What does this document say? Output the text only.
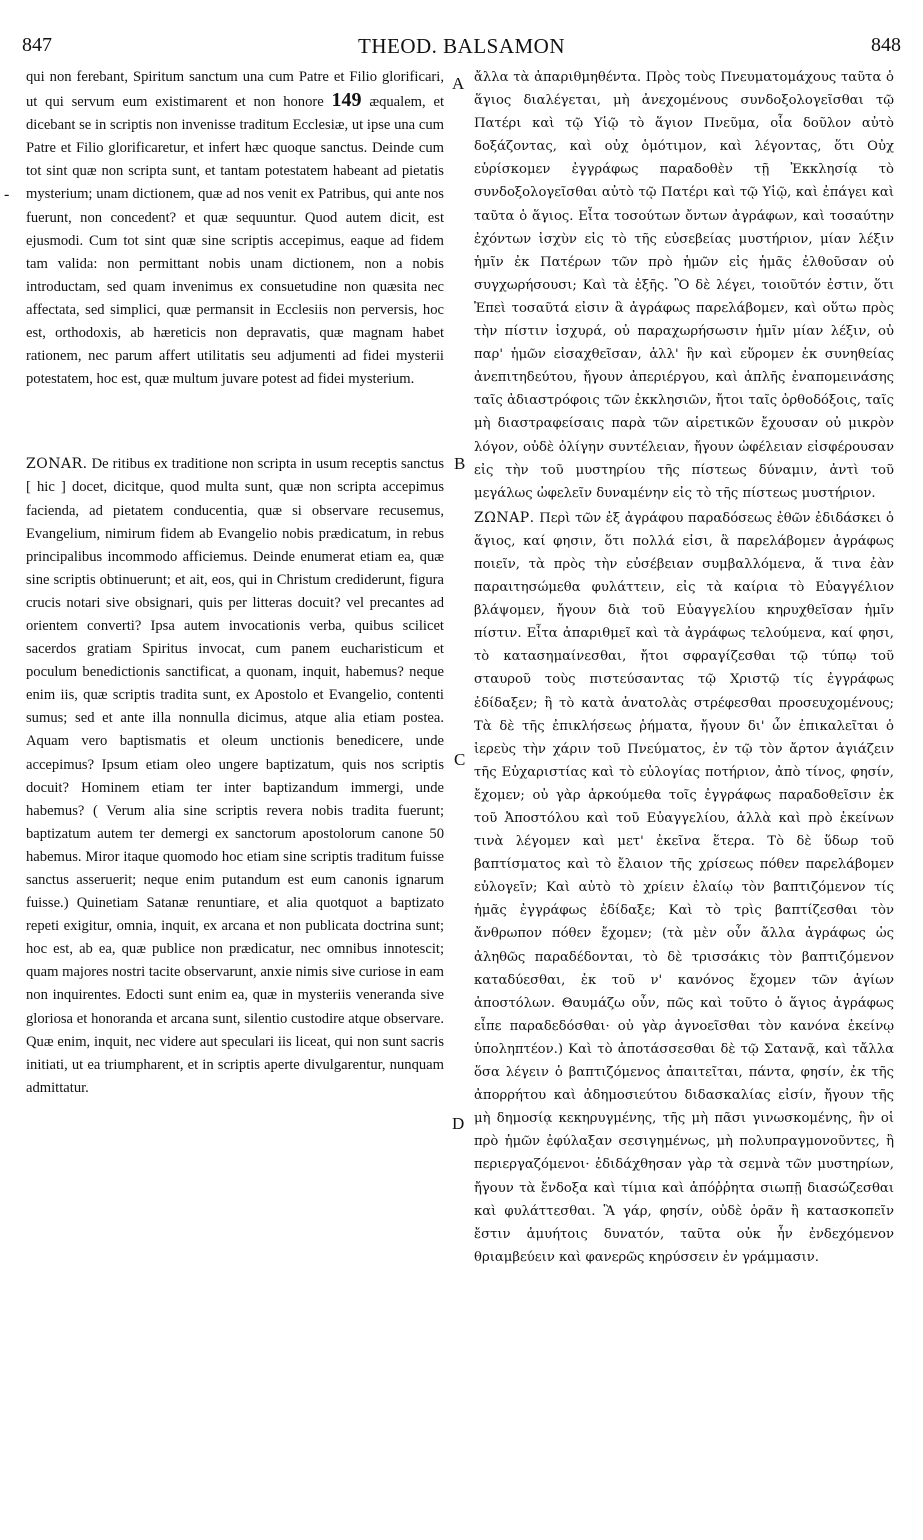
847	THEOD. BALSAMON	848
-
A
B
C
D

qui non ferebant, Spiritum sanctum una cum Patre et Filio glorificari, ut qui servum eum existimarent et non honore 149 æqualem, et dicebant se in scriptis non invenisse traditum Ecclesiæ, ut ipse una cum Patre et Filio glorificaretur, et infert hæc quoque sanctus. Deinde cum tot sint quæ non scripta sunt, et tantam potestatem habeant ad pietatis mysterium; unam dictionem, quæ ad nos venit ex Patribus, qui ante nos fuerunt, non concedent? et quæ sequuntur. Quod autem dicit, est ejusmodi. Cum tot sint quæ sine scriptis accepimus, eaque ad fidem tam valida: non permittant nobis unam dictionem, non a nobis introductam, sed quam invenimus ex consuetudine non quæsita nec affectata, sed simplici, quæ permansit in Ecclesiis non perversis, hoc est, orthodoxis, ab hæreticis non depravatis, quæ magnam habet rationem, nec parum affert utilitatis seu adjumenti ad fidei mysterii potestatem, hoc est, quæ multum juvare potest ad fidei mysterium.

ZONAR. De ritibus ex traditione non scripta in usum receptis sanctus [ hic ] docet, dicitque, quod multa sunt, quæ non scripta accepimus facienda, ad pietatem conducentia, quæ si observare recusemus, Evangelium, nimirum fidem ab Evangelio nobis prædicatum, in rebus principalibus incommodo afficiemus. Deinde enumerat etiam ea, quæ sine scriptis obtinuerunt; et ait, eos, qui in Christum crediderunt, figura crucis notari sive obsignari, quis per litteras docuit? vel precantes ad orientem converti? Ipsa autem invocationis verba, quibus scilicet sacerdos gratiam Spiritus invocat, cum panem eucharisticum et poculum benedictionis sanctificat, a quonam, inquit, habemus? neque enim iis, quæ scriptis tradita sunt, ex Apostolo et Evangelio, contenti sumus; sed et ante illa nonnulla dicimus, atque alia etiam postea. Aquam vero baptismatis et oleum unctionis benedicere, unde accepimus? Ipsum etiam oleo ungere baptizatum, quis nos scriptis docuit? Hominem etiam ter inter baptizandum immergi, unde habemus? ( Verum alia sine scriptis revera nobis tradita fuerunt; baptizatum autem ter demergi ex sanctorum apostolorum canone 50 habemus. Miror itaque quomodo hoc etiam sine scriptis traditum fuisse sanctus asseruerit; neque enim putandum est eum canonis ignarum fuisse.) Quinetiam Satanæ renuntiare, et alia quotquot a baptizato repeti exigitur, omnia, inquit, ex arcana et non publicata doctrina sunt; hoc est, ab ea, quæ publice non prædicatur, nec omnibus innotescit; quam majores nostri tacite observarunt, anxie nimis sive curiose in eam non inquirentes. Edocti sunt enim ea, quæ in mysteriis veneranda sive gloriosa et honoranda et arcana sunt, silentio custodire atque observare. Quæ enim, inquit, nec videre aut speculari iis liceat, qui non sunt sacris initiati, ut ea triumpharent, et in scriptis aperte divulgarentur, nunquam admittatur.

ἄλλα τὰ ἀπαριθμηθέντα. Πρὸς τοὺς Πνευματομάχους ταῦτα ὁ ἅγιος διαλέγεται, μὴ ἀνεχομένους συνδοξολογεῖσθαι τῷ Πατέρι καὶ τῷ Υἱῷ τὸ ἅγιον Πνεῦμα, οἷα δοῦλον αὐτὸ δοξάζοντας, καὶ οὐχ ὁμότιμον, καὶ λέγοντας, ὅτι Οὐχ εὑρίσκομεν ἐγγράφως παραδοθὲν τῇ Ἐκκλησίᾳ τὸ συνδοξολογεῖσθαι αὐτὸ τῷ Πατέρι καὶ τῷ Υἱῷ, καὶ ἐπάγει καὶ ταῦτα ὁ ἅγιος. Εἶτα τοσούτων ὄντων ἀγράφων, καὶ τοσαύτην ἐχόντων ἰσχὺν εἰς τὸ τῆς εὐσεβείας μυστήριον, μίαν λέξιν ἡμῖν ἐκ Πατέρων τῶν πρὸ ἡμῶν εἰς ἡμᾶς ἐλθοῦσαν οὐ συγχωρήσουσι; Καὶ τὰ ἑξῆς. Ὃ δὲ λέγει, τοιοῦτόν ἐστιν, ὅτι Ἐπεὶ τοσαῦτά εἰσιν ἃ ἀγράφως παρελάβομεν, καὶ οὕτω πρὸς τὴν πίστιν ἰσχυρά, οὐ παραχωρήσωσιν ἡμῖν μίαν λέξιν, οὐ παρ' ἡμῶν εἰσαχθεῖσαν, ἀλλ' ἣν καὶ εὕρομεν ἐκ συνηθείας ἀνεπιτηδεύτου, ἤγουν ἀπεριέργου, καὶ ἁπλῆς ἐναπομεινάσης ταῖς ἀδιαστρόφοις τῶν ἐκκλησιῶν, ἤτοι ταῖς ὀρθοδόξοις, ταῖς μὴ διαστραφείσαις παρὰ τῶν αἱρετικῶν ἔχουσαν οὐ μικρὸν λόγον, οὐδὲ ὀλίγην συντέλειαν, ἤγουν ὠφέλειαν εἰσφέρουσαν εἰς τὴν τοῦ μυστηρίου τῆς πίστεως δύναμιν, ἀντὶ τοῦ μεγάλως ὠφελεῖν δυναμένην εἰς τὸ τῆς πίστεως μυστήριον.

ΖΩΝΑΡ. Περὶ τῶν ἐξ ἀγράφου παραδόσεως ἐθῶν ἐδιδάσκει ὁ ἅγιος, καί φησιν, ὅτι πολλά εἰσι, ἃ παρελάβομεν ἀγράφως ποιεῖν, τὰ πρὸς τὴν εὐσέβειαν συμβαλλόμενα, ἅ τινα ἐὰν παραιτησώμεθα φυλάττειν, εἰς τὰ καίρια τὸ Εὐαγγέλιον βλάψομεν, ἤγουν διὰ τοῦ Εὐαγγελίου κηρυχθεῖσαν ἡμῖν πίστιν. Εἶτα ἀπαριθμεῖ καὶ τὰ ἀγράφως τελούμενα, καί φησι, τὸ κατασημαίνεσθαι, ἤτοι σφραγίζεσθαι τῷ τύπῳ τοῦ σταυροῦ τοὺς πιστεύσαντας τῷ Χριστῷ τίς ἐγγράφως ἐδίδαξεν; ἢ τὸ κατὰ ἀνατολὰς στρέφεσθαι προσευχομένους; Τὰ δὲ τῆς ἐπικλήσεως ῥήματα, ἤγουν δι' ὧν ἐπικαλεῖται ὁ ἱερεὺς τὴν χάριν τοῦ Πνεύματος, ἐν τῷ τὸν ἄρτον ἁγιάζειν τῆς Εὐχαριστίας καὶ τὸ εὐλογίας ποτήριον, ἀπὸ τίνος, φησίν, ἔχομεν; οὐ γὰρ ἀρκούμεθα τοῖς ἐγγράφως παραδοθεῖσιν ἐκ τοῦ Ἀποστόλου καὶ τοῦ Εὐαγγελίου, ἀλλὰ καὶ πρὸ ἐκείνων τινὰ λέγομεν καὶ μετ' ἐκεῖνα ἕτερα. Τὸ δὲ ὕδωρ τοῦ βαπτίσματος καὶ τὸ ἔλαιον τῆς χρίσεως πόθεν παρελάβομεν εὐλογεῖν; Καὶ αὐτὸ τὸ χρίειν ἐλαίῳ τὸν βαπτιζόμενον τίς ἡμᾶς ἐγγράφως ἐδίδαξε; Καὶ τὸ τρὶς βαπτίζεσθαι τὸν ἄνθρωπον πόθεν ἔχομεν; (τὰ μὲν οὖν ἄλλα ἀγράφως ὡς ἀληθῶς παραδέδονται, τὸ δὲ τρισσάκις τὸν βαπτιζόμενον καταδύεσθαι, ἐκ τοῦ ν' κανόνος ἔχομεν τῶν ἁγίων ἀποστόλων. Θαυμάζω οὖν, πῶς καὶ τοῦτο ὁ ἅγιος ἀγράφως εἶπε παραδεδόσθαι· οὐ γὰρ ἀγνοεῖσθαι τὸν κανόνα ἐκείνῳ ὑποληπτέον.) Καὶ τὸ ἀποτάσσεσθαι δὲ τῷ Σατανᾷ, καὶ τἄλλα ὅσα λέγειν ὁ βαπτιζόμενος ἀπαιτεῖται, πάντα, φησίν, ἐκ τῆς ἀπορρήτου καὶ ἀδημοσιεύτου διδασκαλίας εἰσίν, ἤγουν τῆς μὴ δημοσίᾳ κεκηρυγμένης, τῆς μὴ πᾶσι γινωσκομένης, ἣν οἱ πρὸ ἡμῶν ἐφύλαξαν σεσιγημένως, μὴ πολυπραγμονοῦντες, ἢ περιεργαζόμενοι· ἐδιδάχθησαν γὰρ τὰ σεμνὰ τῶν μυστηρίων, ἤγουν τὰ ἔνδοξα καὶ τίμια καὶ ἀπόῤῥητα σιωπῇ διασώζεσθαι καὶ φυλάττεσθαι. Ἃ γάρ, φησίν, οὐδὲ ὁρᾶν ἢ κατασκοπεῖν ἔστιν ἀμυήτοις δυνατόν, ταῦτα οὐκ ἦν ἐνδεχόμενον θριαμβεύειν καὶ φανερῶς κηρύσσειν ἐν γράμμασιν.
